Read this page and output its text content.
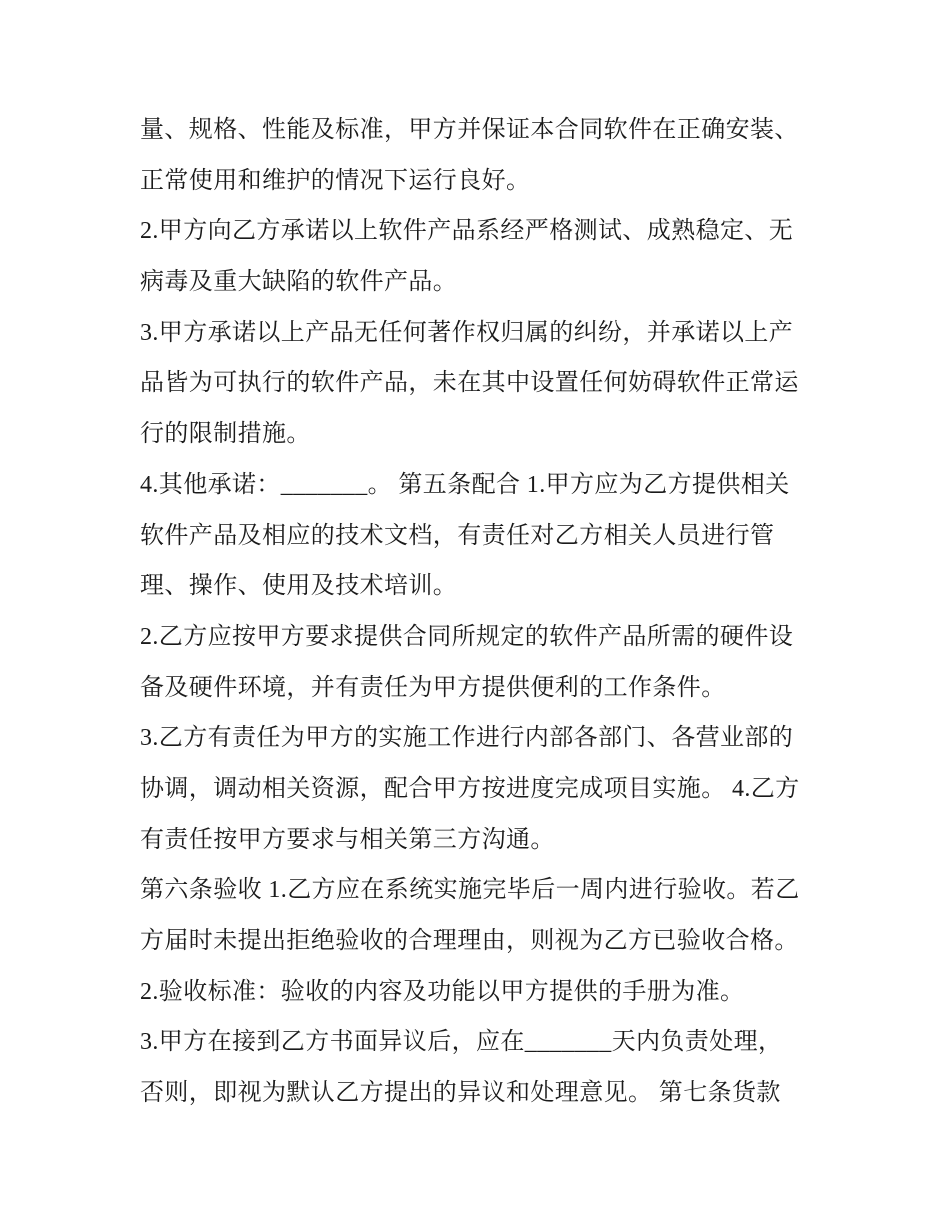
量、规格、性能及标准，甲方并保证本合同软件在正确安装、
正常使用和维护的情况下运行良好。
2.甲方向乙方承诺以上软件产品系经严格测试、成熟稳定、无
病毒及重大缺陷的软件产品。
3.甲方承诺以上产品无任何著作权归属的纠纷，并承诺以上产
品皆为可执行的软件产品，未在其中设置任何妨碍软件正常运
行的限制措施。
4.其他承诺：_______。 第五条配合 1.甲方应为乙方提供相关
软件产品及相应的技术文档，有责任对乙方相关人员进行管
理、操作、使用及技术培训。
2.乙方应按甲方要求提供合同所规定的软件产品所需的硬件设
备及硬件环境，并有责任为甲方提供便利的工作条件。
3.乙方有责任为甲方的实施工作进行内部各部门、各营业部的
协调，调动相关资源，配合甲方按进度完成项目实施。 4.乙方
有责任按甲方要求与相关第三方沟通。
第六条验收 1.乙方应在系统实施完毕后一周内进行验收。若乙
方届时未提出拒绝验收的合理理由，则视为乙方已验收合格。
2.验收标准：验收的内容及功能以甲方提供的手册为准。
3.甲方在接到乙方书面异议后，应在_______天内负责处理，
否则，即视为默认乙方提出的异议和处理意见。 第七条货款
